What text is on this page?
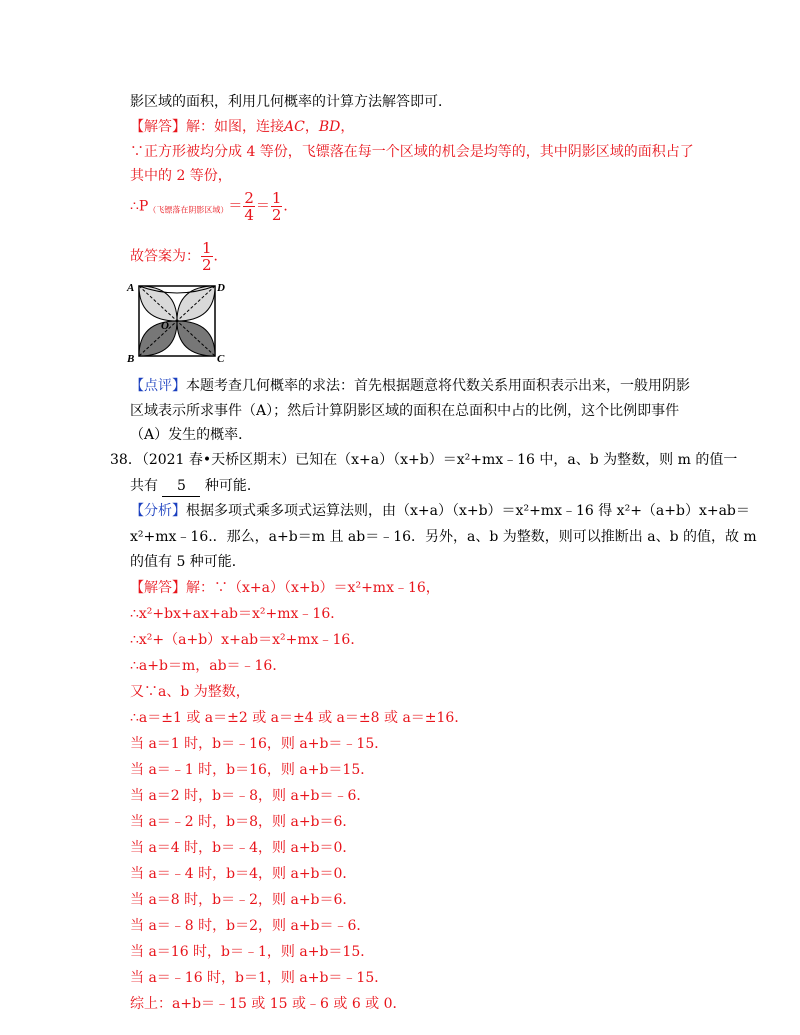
影区域的面积，利用几何概率的计算方法解答即可．
【解答】解：如图，连接AC，BD，
∵正方形被均分成 4 等份，飞镖落在每一个区域的机会是均等的，其中阴影区域的面积占了
其中的 2 等份，
$\therefore P_{(飞镖落在阴影区域)}= \frac{2}{4} = \frac{1}{2}$ ．
故答案为： $\frac{1}{2}$ ．
A	D
O
B	C
【点评】本题考查几何概率的求法：首先根据题意将代数关系用面积表示出来，一般用阴影
区域表示所求事件（A）；然后计算阴影区域的面积在总面积中占的比例，这个比例即事件
（A）发生的概率．
38．（2021 春•天桥区期末）已知在（x+a）（x+b）＝x²+mx﹣16 中，a、b 为整数，则 m 的值一
共有 5 种可能．
【分析】根据多项式乘多项式运算法则，由（x+a）（x+b）＝x²+mx﹣16 得 x²+（a+b）x+ab＝
x²+mx﹣16.．那么，a+b＝m 且 ab＝﹣16．另外，a、b 为整数，则可以推断出 a、b 的值，故 m
的值有 5 种可能．
【解答】解：∵（x+a）（x+b）＝x²+mx﹣16，
∴x²+bx+ax+ab＝x²+mx﹣16．
∴x²+（a+b）x+ab＝x²+mx﹣16．
∴a+b＝m，ab＝﹣16．
又∵a、b 为整数，
∴a＝±1 或 a＝±2 或 a＝±4 或 a＝±8 或 a＝±16．
当 a＝1 时，b＝﹣16，则 a+b＝﹣15．
当 a＝﹣1 时，b＝16，则 a+b＝15．
当 a＝2 时，b＝﹣8，则 a+b＝﹣6．
当 a＝﹣2 时，b＝8，则 a+b＝6．
当 a＝4 时，b＝﹣4，则 a+b＝0．
当 a＝﹣4 时，b＝4，则 a+b＝0．
当 a＝8 时，b＝﹣2，则 a+b＝6．
当 a＝﹣8 时，b＝2，则 a+b＝﹣6．
当 a＝16 时，b＝﹣1，则 a+b＝15．
当 a＝﹣16 时，b＝1，则 a+b＝﹣15．
综上：a+b＝﹣15 或 15 或﹣6 或 6 或 0．
